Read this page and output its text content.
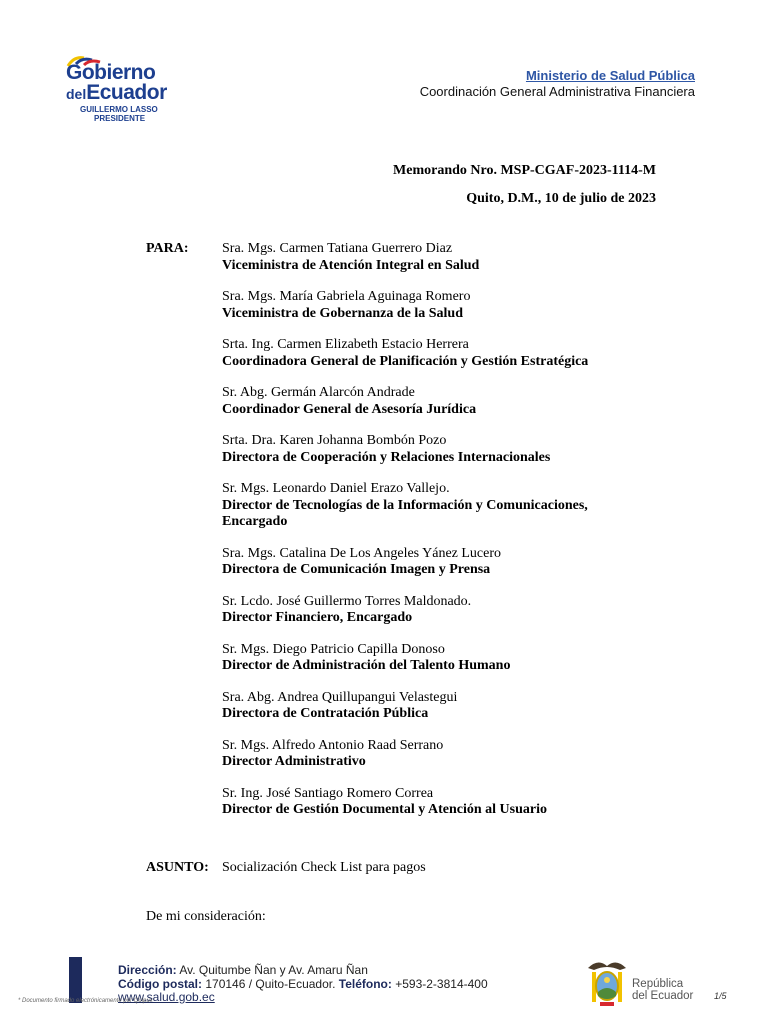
Gobierno
delEcuador
GUILLERMO LASSO
PRESIDENTE
Ministerio de Salud Pública
Coordinación General Administrativa Financiera
Memorando Nro. MSP-CGAF-2023-1114-M
Quito, D.M., 10 de julio de 2023
PARA: Sra. Mgs. Carmen Tatiana Guerrero Diaz
Viceministra de Atención Integral en Salud
Sra. Mgs. María Gabriela Aguinaga Romero
Viceministra de Gobernanza de la Salud
Srta. Ing. Carmen Elizabeth Estacio Herrera
Coordinadora General de Planificación y Gestión Estratégica
Sr. Abg. Germán Alarcón Andrade
Coordinador General de Asesoría Jurídica
Srta. Dra. Karen Johanna Bombón Pozo
Directora de Cooperación y Relaciones Internacionales
Sr. Mgs. Leonardo Daniel Erazo Vallejo.
Director de Tecnologías de la Información y Comunicaciones, Encargado
Sra. Mgs. Catalina De Los Angeles Yánez Lucero
Directora de Comunicación Imagen y Prensa
Sr. Lcdo. José Guillermo Torres Maldonado.
Director Financiero, Encargado
Sr. Mgs. Diego Patricio Capilla Donoso
Director de Administración del Talento Humano
Sra. Abg. Andrea Quillupangui Velastegui
Directora de Contratación Pública
Sr. Mgs. Alfredo Antonio Raad Serrano
Director Administrativo
Sr. Ing. José Santiago Romero Correa
Director de Gestión Documental y Atención al Usuario
ASUNTO: Socialización Check List para pagos
De mi consideración:
Dirección: Av. Quitumbe Ñan y Av. Amaru Ñan
Código postal: 170146 / Quito-Ecuador. Teléfono: +593-2-3814-400
www.salud.gob.ec
* Documento firmado electrónicamente por Quipux
República
del Ecuador 1/5
